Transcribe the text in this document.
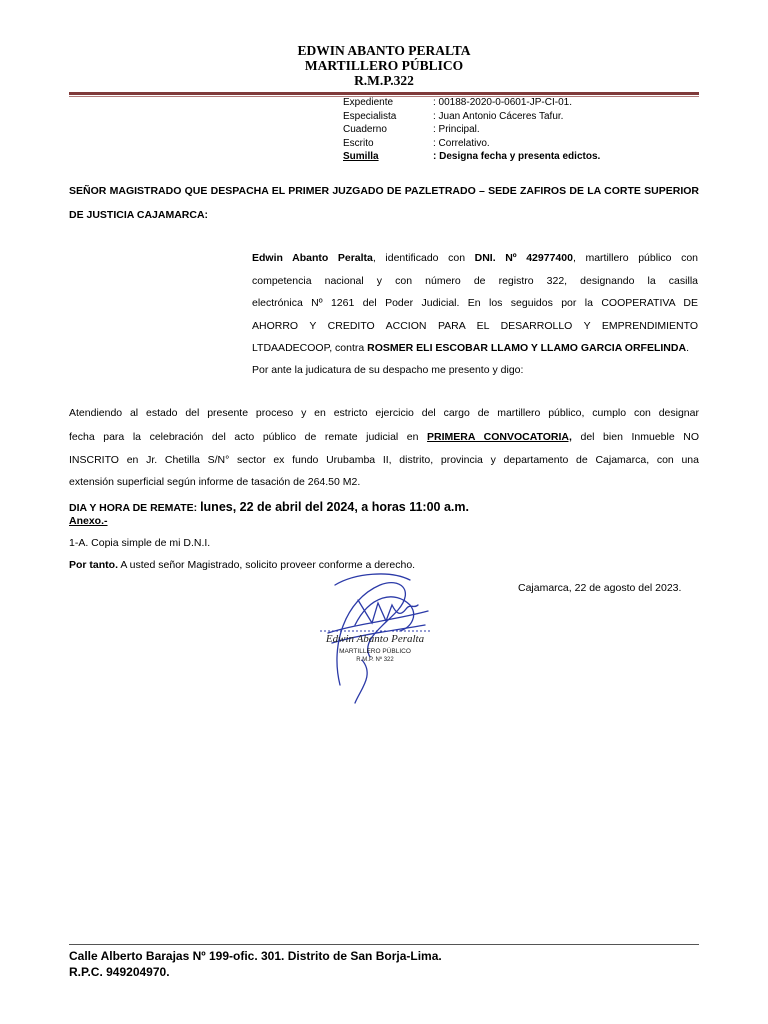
EDWIN ABANTO PERALTA
MARTILLERO PÚBLICO
R.M.P.322
Expediente	: 00188-2020-0-0601-JP-CI-01.
Especialista	: Juan Antonio Cáceres Tafur.
Cuaderno	: Principal.
Escrito	: Correlativo.
Sumilla	: Designa fecha y presenta edictos.
SEÑOR MAGISTRADO QUE DESPACHA EL PRIMER JUZGADO DE PAZLETRADO – SEDE ZAFIROS DE LA CORTE SUPERIOR
DE JUSTICIA CAJAMARCA:
Edwin Abanto Peralta, identificado con DNI. Nº 42977400, martillero público con
competencia nacional y con número de registro 322, designando la casilla
electrónica Nº 1261 del Poder Judicial. En los seguidos por la COOPERATIVA DE
AHORRO Y CREDITO ACCION PARA EL DESARROLLO Y EMPRENDIMIENTO
LTDAADECOOP, contra ROSMER ELI ESCOBAR LLAMO Y LLAMO GARCIA ORFELINDA.
Por ante la judicatura de su despacho me presento y digo:
Atendiendo al estado del presente proceso y en estricto ejercicio del cargo de martillero público, cumplo con designar
fecha para la celebración del acto público de remate judicial en PRIMERA CONVOCATORIA, del bien Inmueble NO
INSCRITO en Jr. Chetilla S/N° sector ex fundo Urubamba II, distrito, provincia y departamento de Cajamarca, con una
extensión superficial según informe de tasación de 264.50 M2.
DIA Y HORA DE REMATE: lunes, 22 de abril del 2024, a horas 11:00 a.m.
Anexo.-
1-A. Copia simple de mi D.N.I.
Por tanto. A usted señor Magistrado, solicito proveer conforme a derecho.
Cajamarca, 22 de agosto del 2023.
Edwin Abanto Peralta
MARTILLERO PÚBLICO
R.M.P. Nº 322
Calle Alberto Barajas Nº 199-ofic. 301. Distrito de San Borja-Lima.
R.P.C. 949204970.
